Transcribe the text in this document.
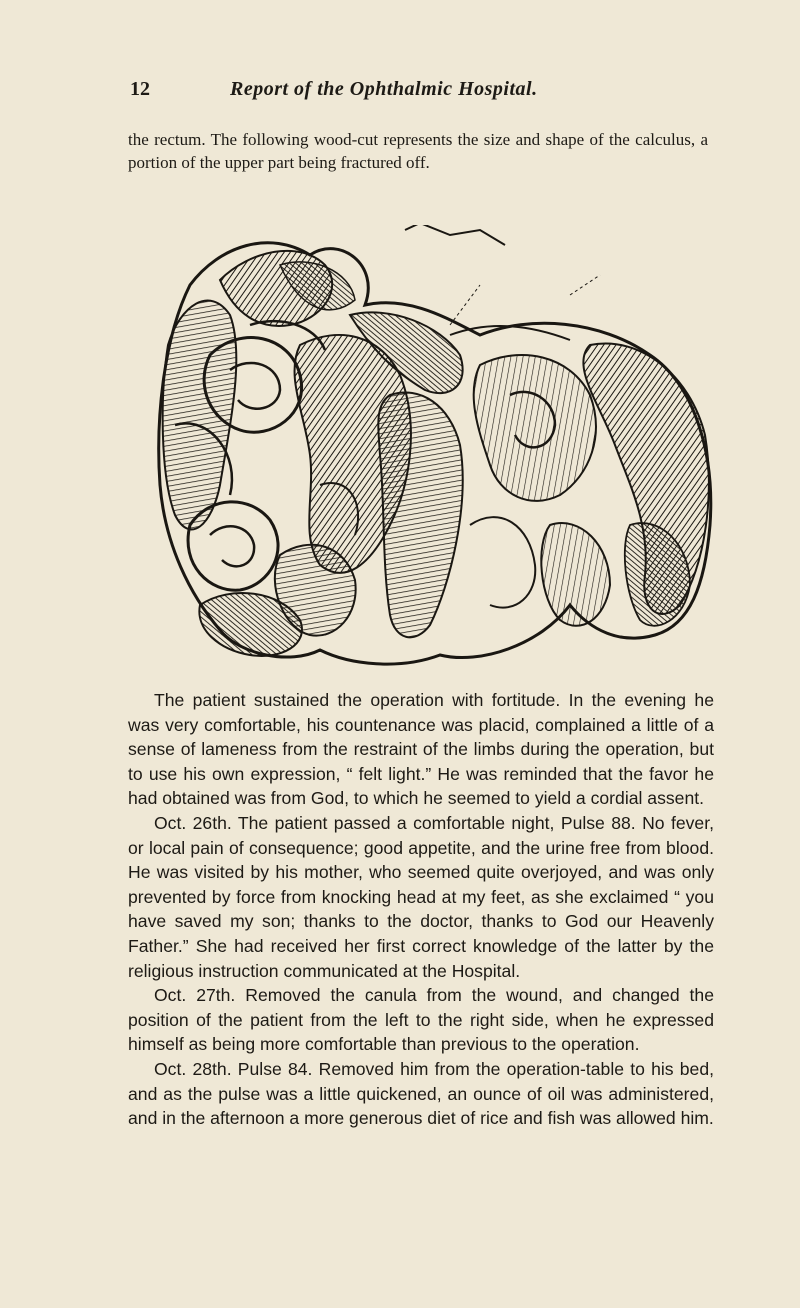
12	Report of the Ophthalmic Hospital.
the rectum. The following wood-cut represents the size and shape of the calculus, a portion of the upper part being fractured off.

The patient sustained the operation with fortitude. In the evening he was very comfortable, his countenance was placid, complained a little of a sense of lameness from the restraint of the limbs during the operation, but to use his own expression, “ felt light.” He was reminded that the favor he had obtained was from God, to which he seemed to yield a cordial assent.

Oct. 26th. The patient passed a comfortable night, Pulse 88. No fever, or local pain of consequence; good appetite, and the urine free from blood. He was visited by his mother, who seemed quite overjoyed, and was only prevented by force from knocking head at my feet, as she exclaimed “ you have saved my son; thanks to the doctor, thanks to God our Heavenly Father.” She had received her first correct knowledge of the latter by the religious instruction communicated at the Hospital.

Oct. 27th. Removed the canula from the wound, and changed the position of the patient from the left to the right side, when he expressed himself as being more comfortable than previous to the operation.

Oct. 28th. Pulse 84. Removed him from the operation-table to his bed, and as the pulse was a little quickened, an ounce of oil was administered, and in the afternoon a more generous diet of rice and fish was allowed him.
